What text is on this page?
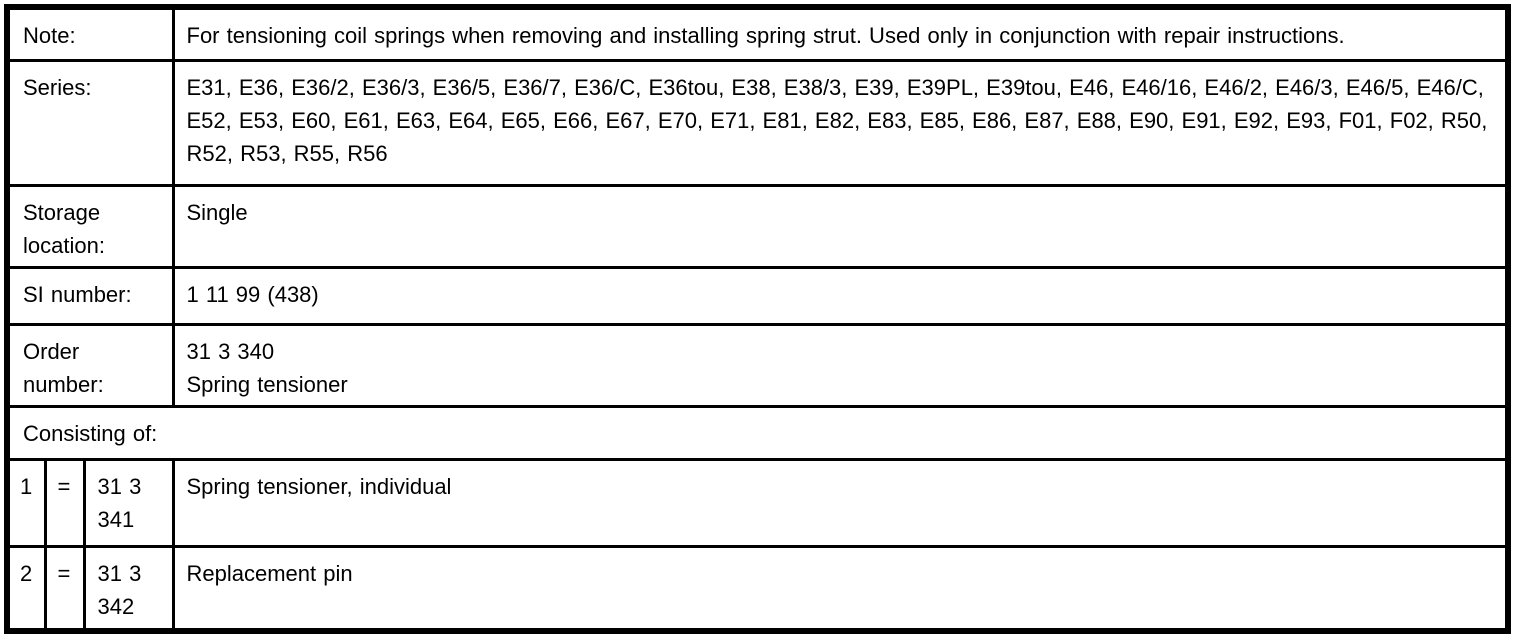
Note:			For tensioning coil springs when removing and installing spring strut. Used only in conjunction with repair instructions.
Series:			E31, E36, E36/2, E36/3, E36/5, E36/7, E36/C, E36tou, E38, E38/3, E39, E39PL, E39tou, E46, E46/16, E46/2, E46/3, E46/5, E46/C, E52, E53, E60, E61, E63, E64, E65, E66, E67, E70, E71, E81, E82, E83, E85, E86, E87, E88, E90, E91, E92, E93, F01, F02, R50, R52, R53, R55, R56
Storage location:			Single
SI number:			1 11 99 (438)
Order number:			31 3 340
Spring tensioner

Consisting of:			
1	=	31 3 341	Spring tensioner, individual
2	=	31 3 342	Replacement pin
